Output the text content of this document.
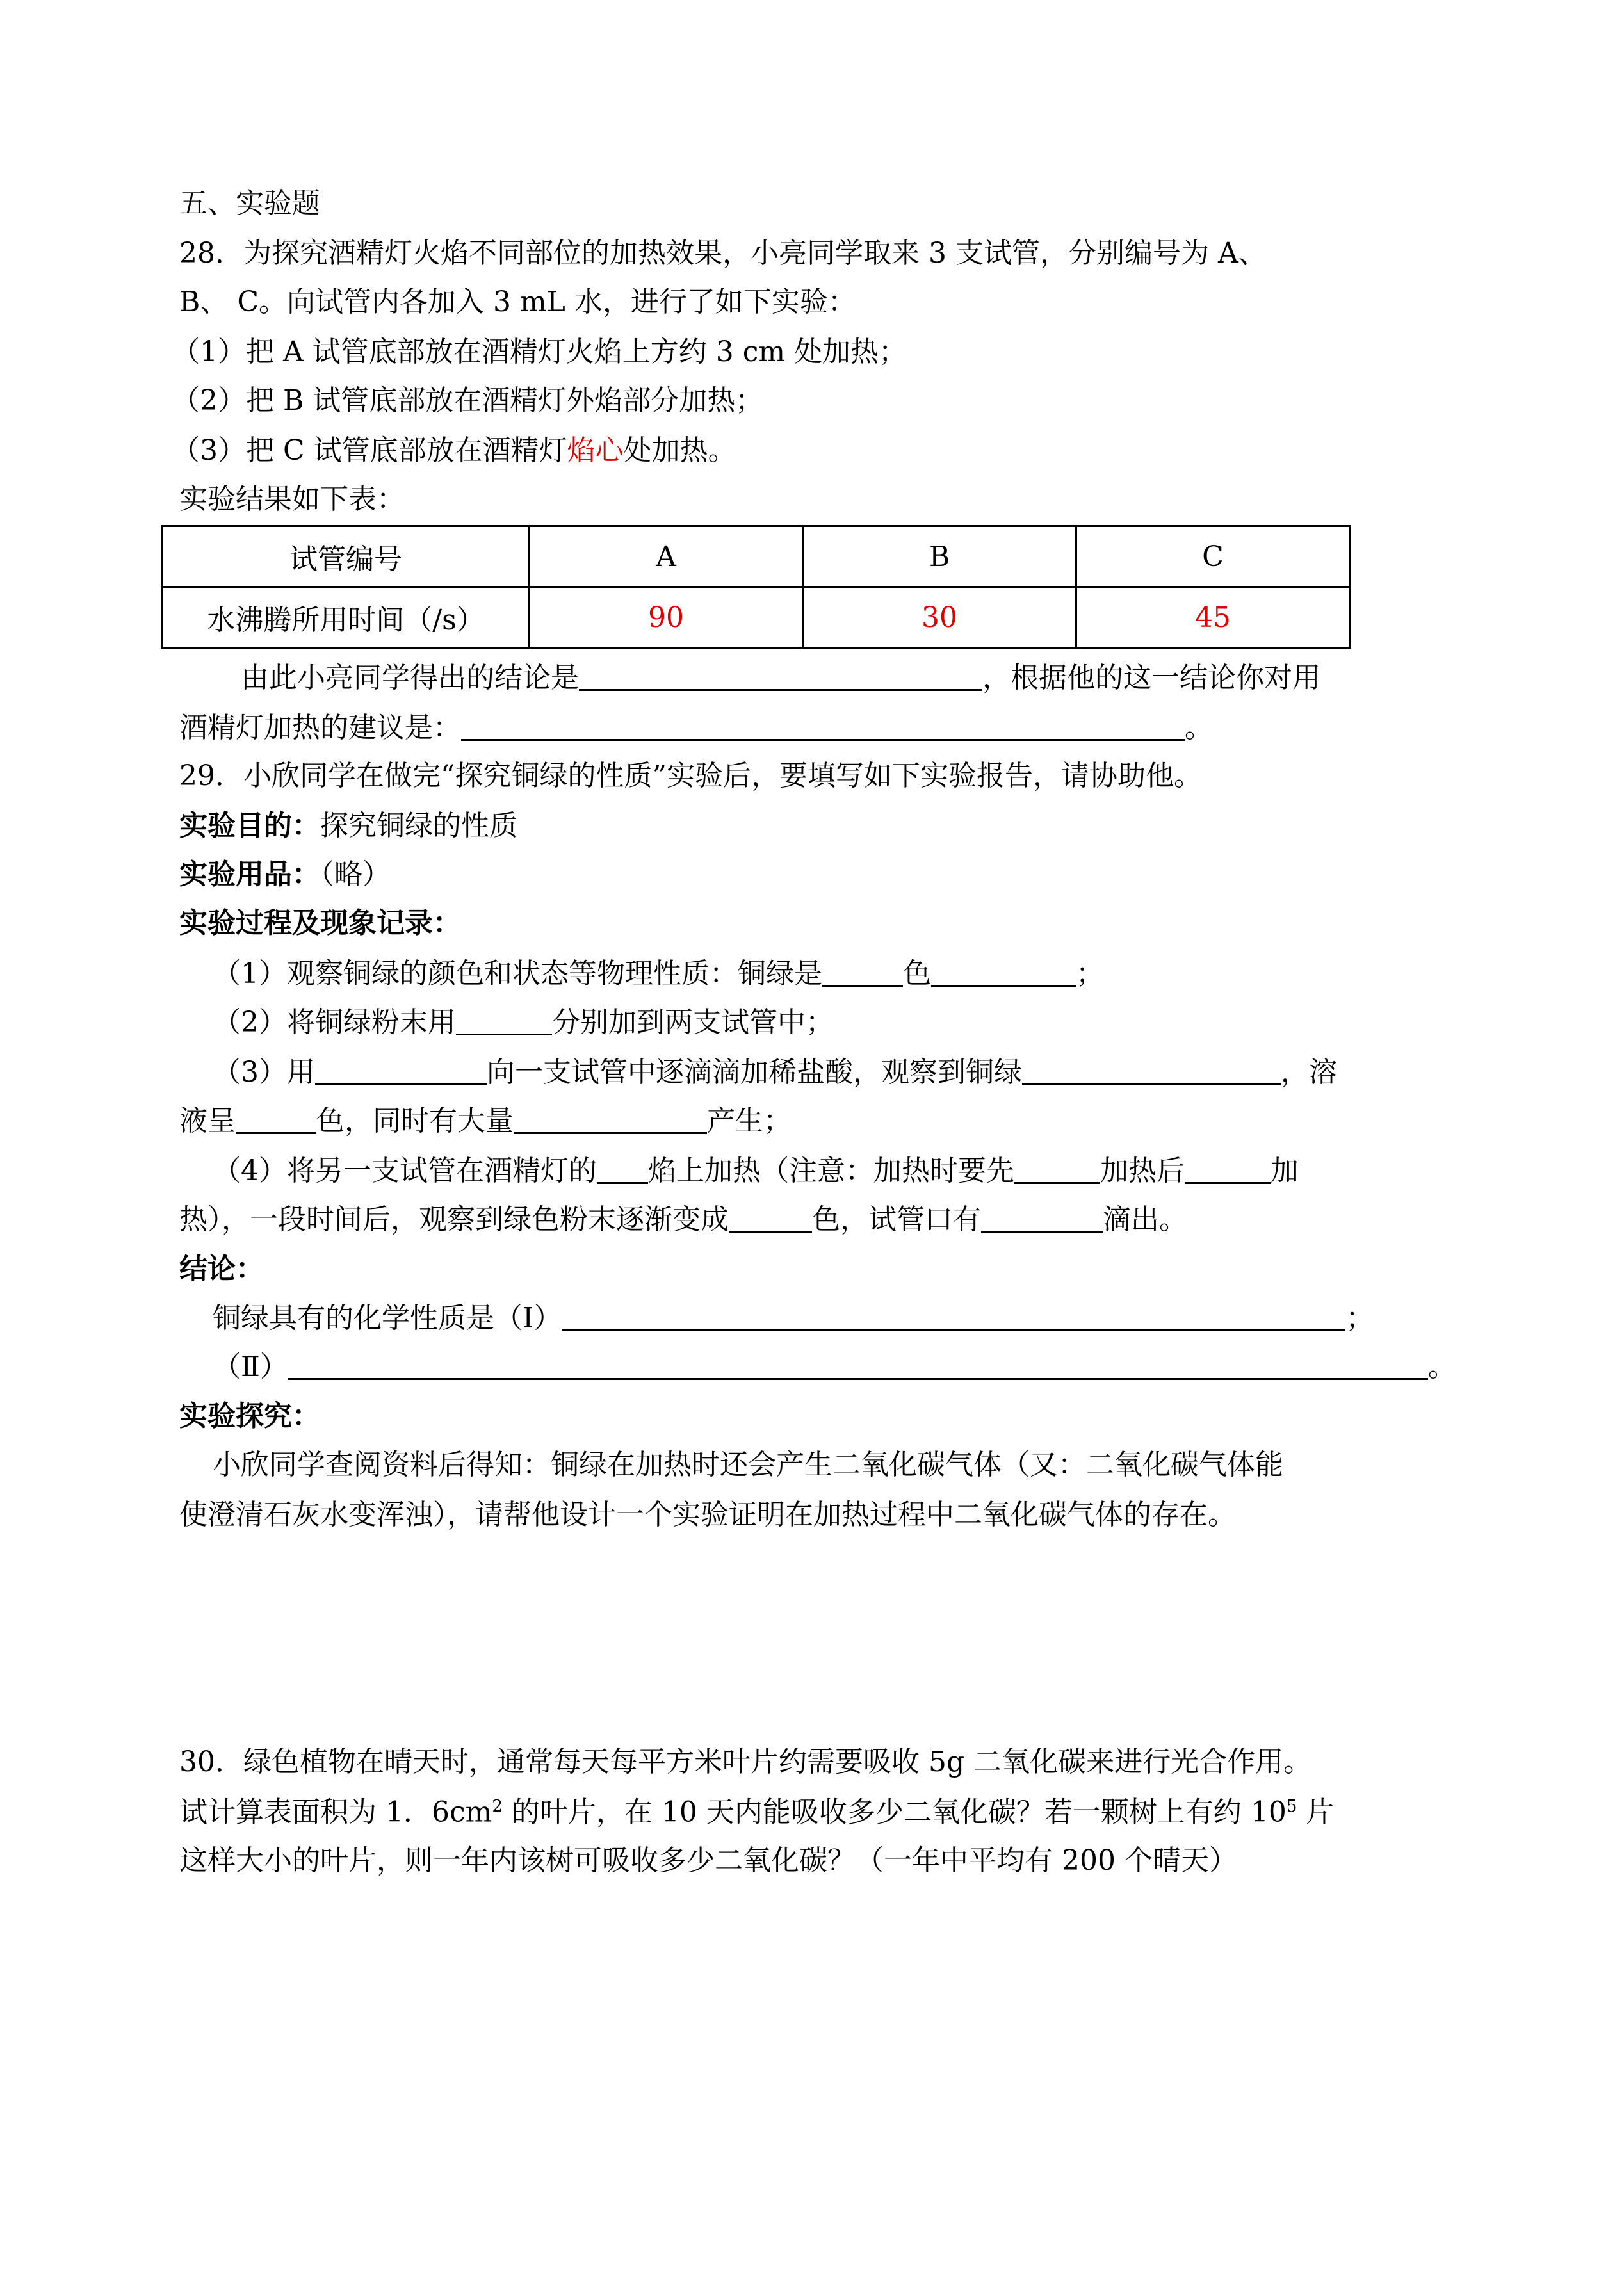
五、实验题
28．为探究酒精灯火焰不同部位的加热效果，小亮同学取来 3 支试管，分别编号为 A、
B、 C。向试管内各加入 3 mL 水，进行了如下实验：
（1）把 A 试管底部放在酒精灯火焰上方约 3 cm 处加热；
（2）把 B 试管底部放在酒精灯外焰部分加热；
（3）把 C 试管底部放在酒精灯焰心处加热。
实验结果如下表：
试管编号	A	B	C
水沸腾所用时间（/s）	90	30	45
由此小亮同学得出的结论是	，根据他的这一结论你对用
酒精灯加热的建议是：	。
29．小欣同学在做完“探究铜绿的性质”实验后，要填写如下实验报告，请协助他。
实验目的：探究铜绿的性质
实验用品：（略）
实验过程及现象记录：
（1）观察铜绿的颜色和状态等物理性质：铜绿是	色	；
（2）将铜绿粉末用	分别加到两支试管中；
（3）用	向一支试管中逐滴滴加稀盐酸，观察到铜绿	，溶
液呈	色，同时有大量	产生；
（4）将另一支试管在酒精灯的 焰上加热（注意：加热时要先	加热后	加
热），一段时间后，观察到绿色粉末逐渐变成	色，试管口有	滴出。
结论：
铜绿具有的化学性质是（Ⅰ）	；
（Ⅱ）	。
实验探究：
小欣同学查阅资料后得知：铜绿在加热时还会产生二氧化碳气体（又：二氧化碳气体能
使澄清石灰水变浑浊），请帮他设计一个实验证明在加热过程中二氧化碳气体的存在。
30．绿色植物在晴天时，通常每天每平方米叶片约需要吸收 5g 二氧化碳来进行光合作用。
试计算表面积为 1．$6cm^2$ 的叶片，在 10 天内能吸收多少二氧化碳？若一颗树上有约 $10^5$ 片
这样大小的叶片，则一年内该树可吸收多少二氧化碳？（一年中平均有 200 个晴天）
